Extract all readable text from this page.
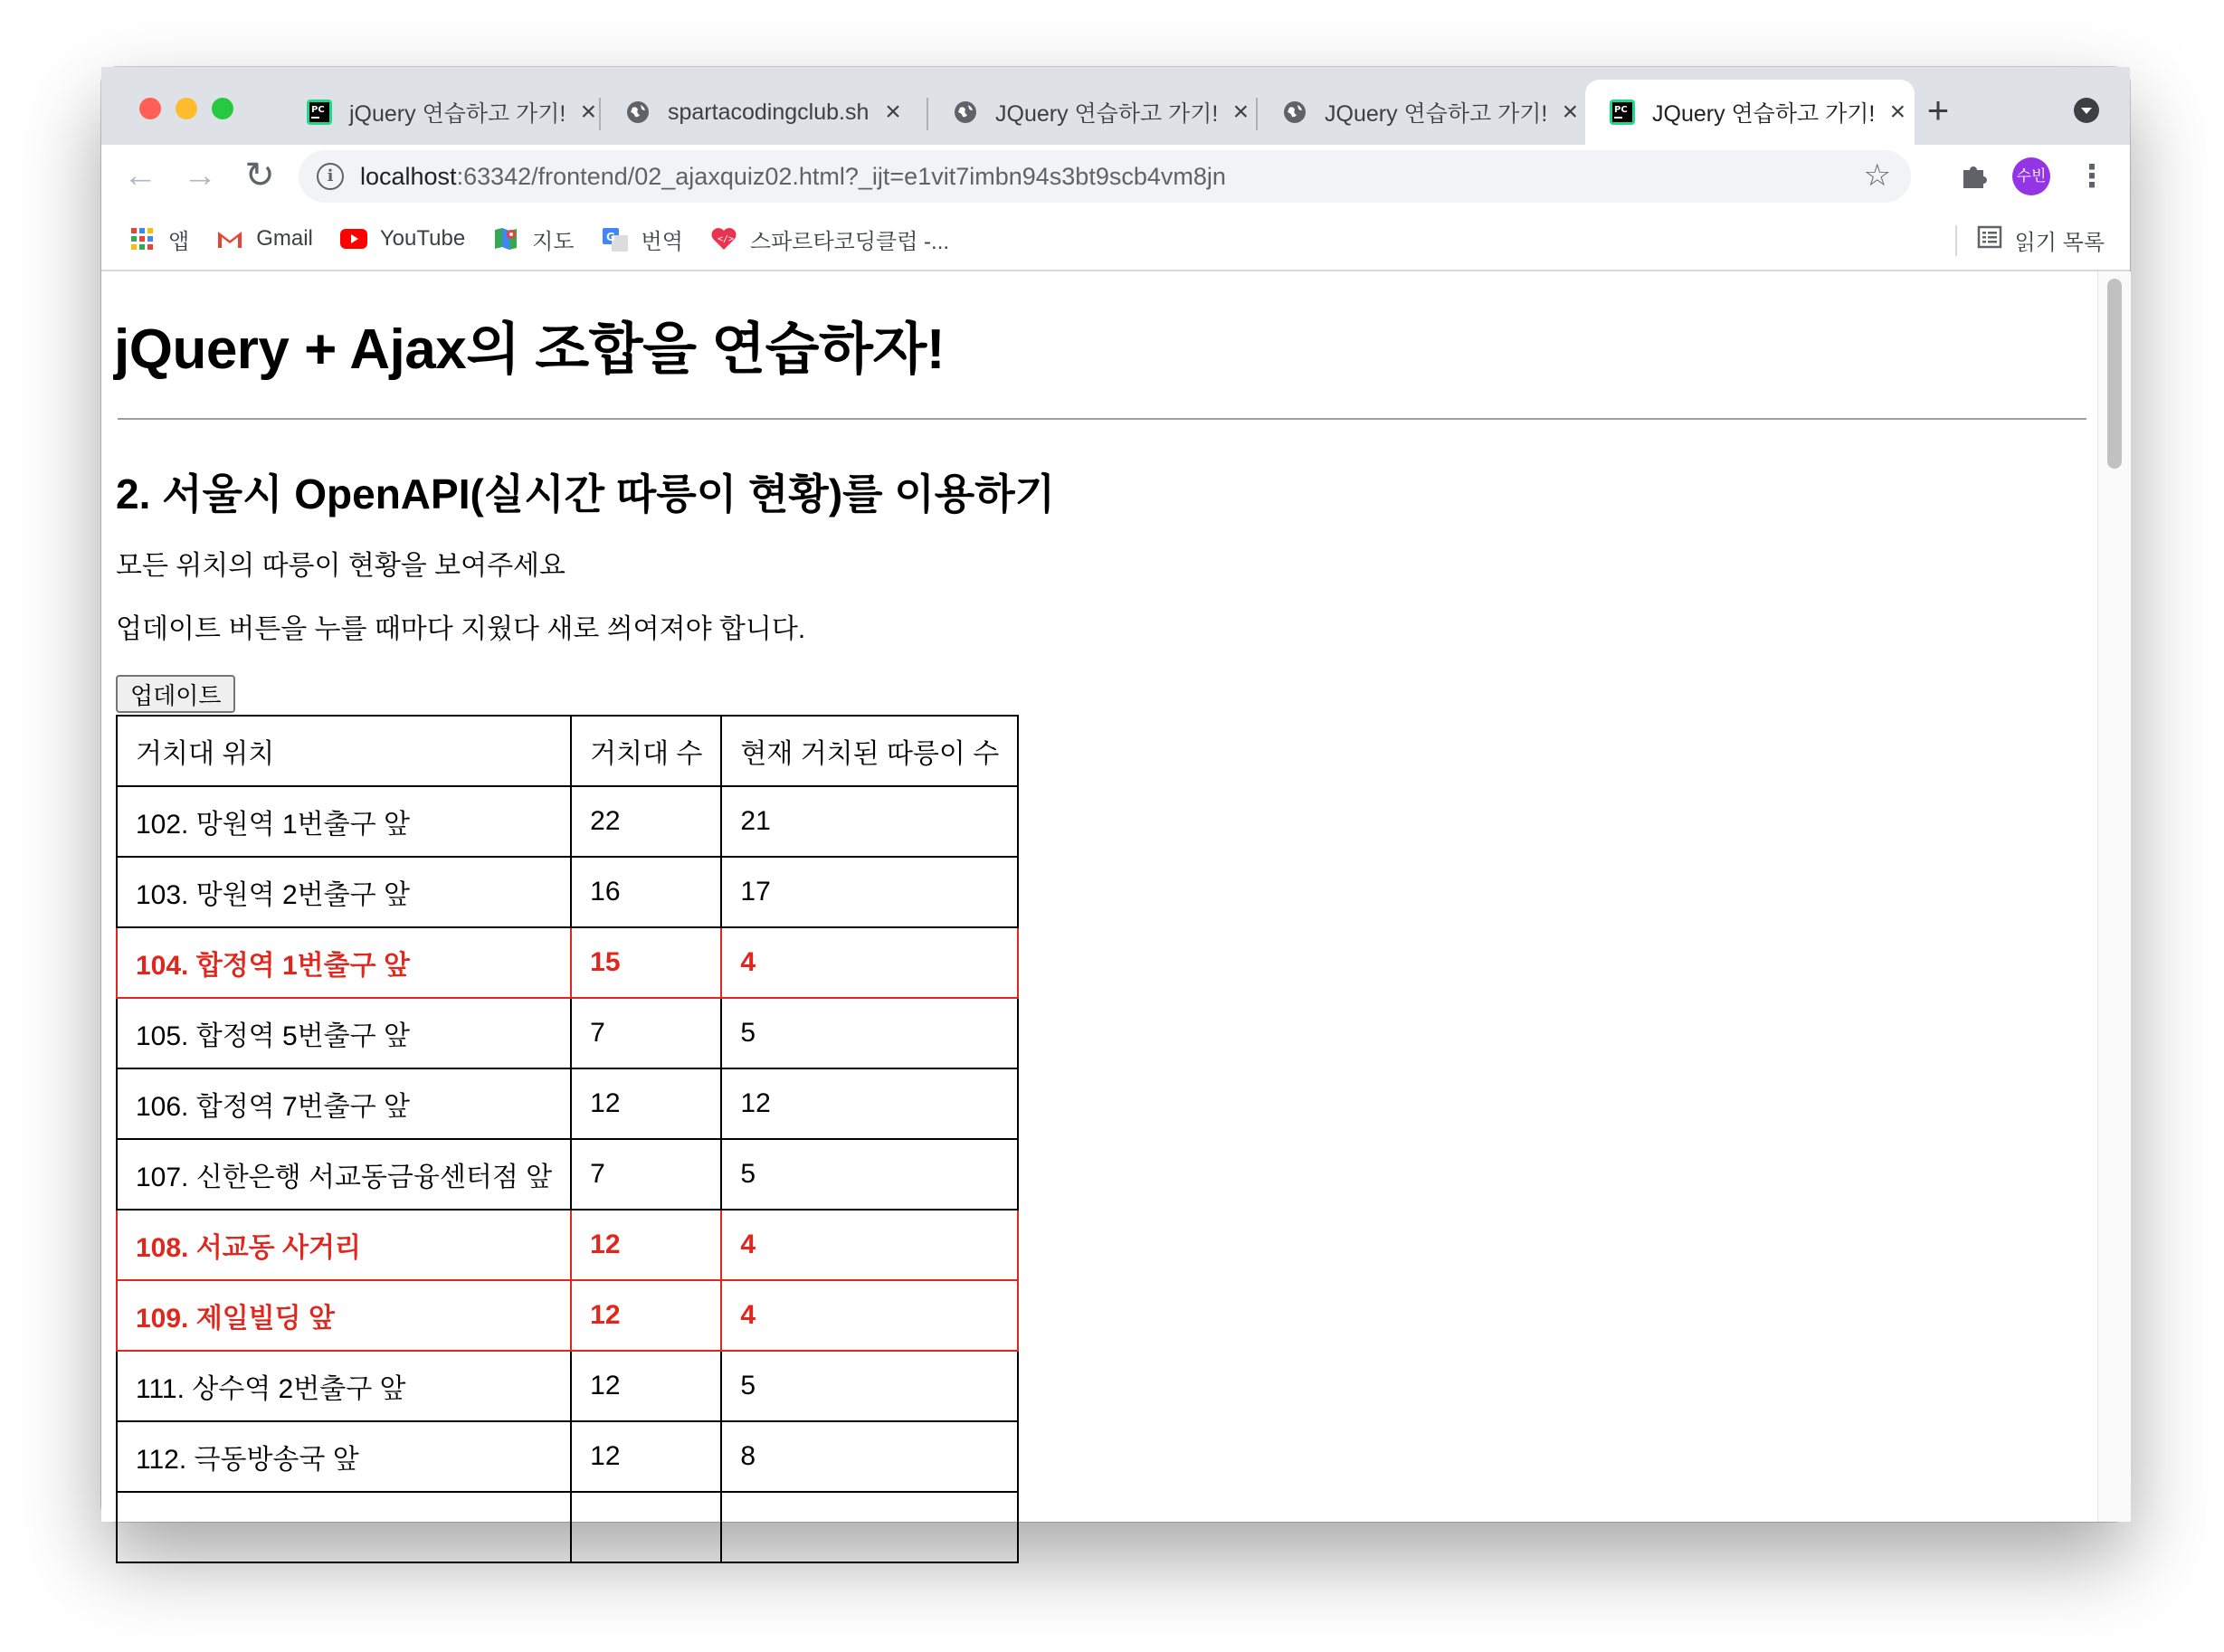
PC jQuery 연습하고 가기! ×	spartacodingclub.sh ×	JQuery 연습하고 가기! ×	JQuery 연습하고 가기! ×	PC JQuery 연습하고 가기! × +
← → ↻	i	localhost:63342/frontend/02_ajaxquiz02.html?_ijt=e1vit7imbn94s3bt9scb4vm8jn	☆	수빈 ⋮
앱	Gmail	YouTube	지도	G 번역	</> 스파르타코딩클럽 -...	읽기 목록
jQuery + Ajax의 조합을 연습하자!
2. 서울시 OpenAPI(실시간 따릉이 현황)를 이용하기

모든 위치의 따릉이 현황을 보여주세요

업데이트 버튼을 누를 때마다 지웠다 새로 씌여져야 합니다.

업데이트
거치대 위치	거치대 수	현재 거치된 따릉이 수
102. 망원역 1번출구 앞	22	21
103. 망원역 2번출구 앞	16	17
104. 합정역 1번출구 앞	15	4
105. 합정역 5번출구 앞	7	5
106. 합정역 7번출구 앞	12	12
107. 신한은행 서교동금융센터점 앞	7	5
108. 서교동 사거리	12	4
109. 제일빌딩 앞	12	4
111. 상수역 2번출구 앞	12	5
112. 극동방송국 앞	12	8
